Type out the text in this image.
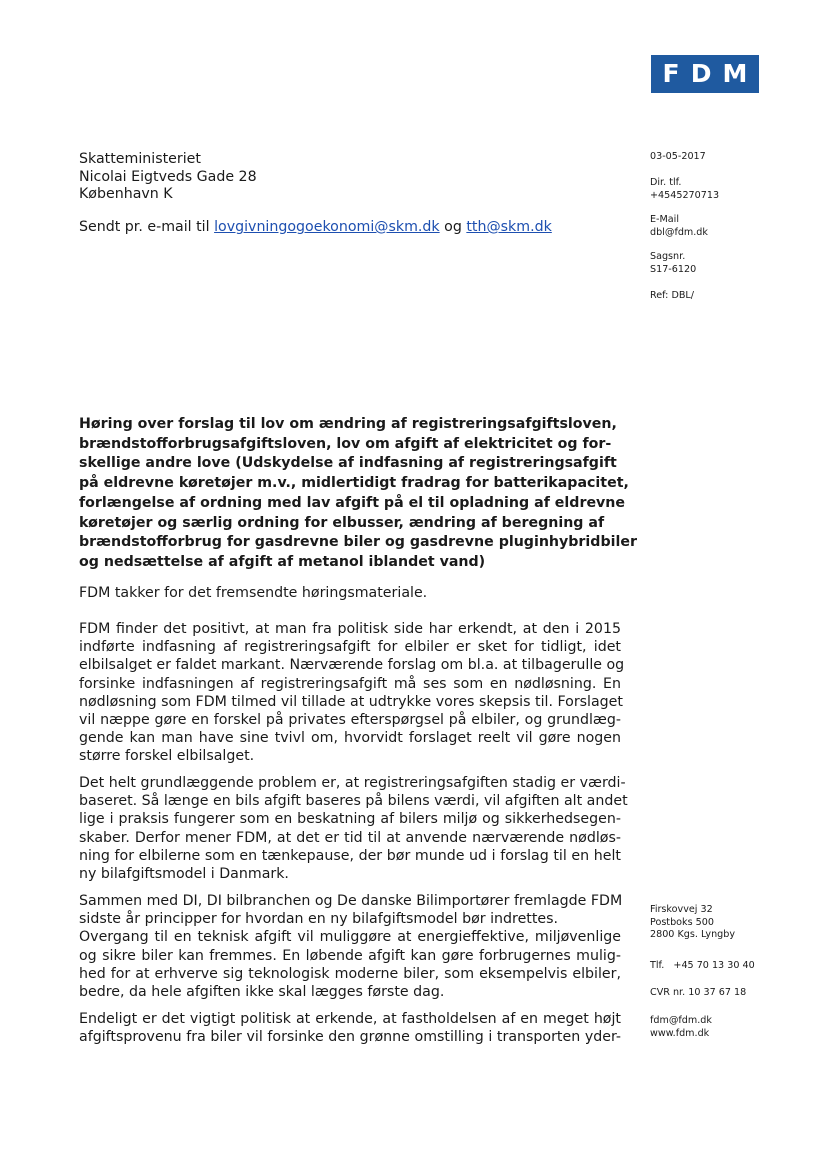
F D M
Skatteministeriet
Nicolai Eigtveds Gade 28
København K
Sendt pr. e-mail til lovgivningogoekonomi@skm.dk og tth@skm.dk
03-05-2017
Dir. tlf.
+4545270713
E-Mail
dbl@fdm.dk
Sagsnr.
S17-6120
Ref: DBL/
Høring over forslag til lov om ændring af registreringsafgiftsloven,
brændstofforbrugsafgiftsloven, lov om afgift af elektricitet og for-
skellige andre love (Udskydelse af indfasning af registreringsafgift
på eldrevne køretøjer m.v., midlertidigt fradrag for batterikapacitet,
forlængelse af ordning med lav afgift på el til opladning af eldrevne
køretøjer og særlig ordning for elbusser, ændring af beregning af
brændstofforbrug for gasdrevne biler og gasdrevne pluginhybridbiler
og nedsættelse af afgift af metanol iblandet vand)
FDM takker for det fremsendte høringsmateriale.
FDM finder det positivt, at man fra politisk side har erkendt, at den i 2015
indførte indfasning af registreringsafgift for elbiler er sket for tidligt, idet
elbilsalget er faldet markant. Nærværende forslag om bl.a. at tilbagerulle og
forsinke indfasningen af registreringsafgift må ses som en nødløsning. En
nødløsning som FDM tilmed vil tillade at udtrykke vores skepsis til. Forslaget
vil næppe gøre en forskel på privates efterspørgsel på elbiler, og grundlæg-
gende kan man have sine tvivl om, hvorvidt forslaget reelt vil gøre nogen
større forskel elbilsalget.
Det helt grundlæggende problem er, at registreringsafgiften stadig er værdi-
baseret. Så længe en bils afgift baseres på bilens værdi, vil afgiften alt andet
lige i praksis fungerer som en beskatning af bilers miljø og sikkerhedsegen-
skaber. Derfor mener FDM, at det er tid til at anvende nærværende nødløs-
ning for elbilerne som en tænkepause, der bør munde ud i forslag til en helt
ny bilafgiftsmodel i Danmark.
Sammen med DI, DI bilbranchen og De danske Bilimportører fremlagde FDM
sidste år principper for hvordan en ny bilafgiftsmodel bør indrettes.
Overgang til en teknisk afgift vil muliggøre at energieffektive, miljøvenlige
og sikre biler kan fremmes. En løbende afgift kan gøre forbrugernes mulig-
hed for at erhverve sig teknologisk moderne biler, som eksempelvis elbiler,
bedre, da hele afgiften ikke skal lægges første dag.
Endeligt er det vigtigt politisk at erkende, at fastholdelsen af en meget højt
afgiftsprovenu fra biler vil forsinke den grønne omstilling i transporten yder-
Firskovvej 32
Postboks 500
2800 Kgs. Lyngby
Tlf.   +45 70 13 30 40
CVR nr. 10 37 67 18
fdm@fdm.dk
www.fdm.dk
